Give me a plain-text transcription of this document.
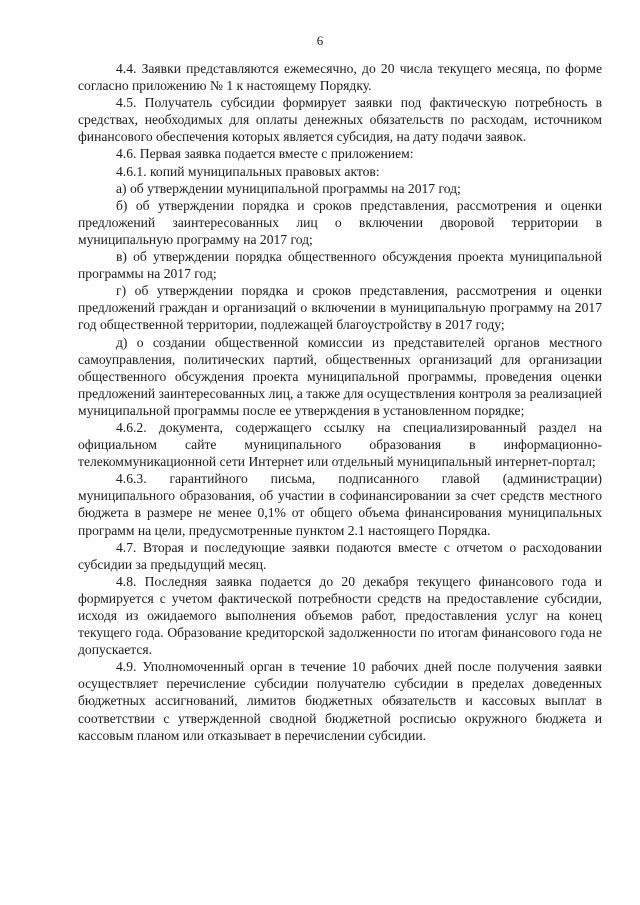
6

4.4. Заявки представляются ежемесячно, до 20 числа текущего месяца, по форме согласно приложению № 1 к настоящему Порядку.

4.5. Получатель субсидии формирует заявки под фактическую потребность в средствах, необходимых для оплаты денежных обязательств по расходам, источником финансового обеспечения которых является субсидия, на дату подачи заявок.

4.6. Первая заявка подается вместе с приложением:

4.6.1. копий муниципальных правовых актов:

а) об утверждении муниципальной программы на 2017 год;

б) об утверждении порядка и сроков представления, рассмотрения и оценки предложений заинтересованных лиц о включении дворовой территории в муниципальную программу на 2017 год;

в) об утверждении порядка общественного обсуждения проекта муниципальной программы на 2017 год;

г) об утверждении порядка и сроков представления, рассмотрения и оценки предложений граждан и организаций о включении в муниципальную программу на 2017 год общественной территории, подлежащей благоустройству в 2017 году;

д) о создании общественной комиссии из представителей органов местного самоуправления, политических партий, общественных организаций для организации общественного обсуждения проекта муниципальной программы, проведения оценки предложений заинтересованных лиц, а также для осуществления контроля за реализацией муниципальной программы после ее утверждения в установленном порядке;

4.6.2. документа, содержащего ссылку на специализированный раздел на официальном сайте муниципального образования в информационно-телекоммуникационной сети Интернет или отдельный муниципальный интернет-портал;

4.6.3. гарантийного письма, подписанного главой (администрации) муниципального образования, об участии в софинансировании за счет средств местного бюджета в размере не менее 0,1% от общего объема финансирования муниципальных программ на цели, предусмотренные пунктом 2.1 настоящего Порядка.

4.7. Вторая и последующие заявки подаются вместе с отчетом о расходовании субсидии за предыдущий месяц.

4.8. Последняя заявка подается до 20 декабря текущего финансового года и формируется с учетом фактической потребности средств на предоставление субсидии, исходя из ожидаемого выполнения объемов работ, предоставления услуг на конец текущего года. Образование кредиторской задолженности по итогам финансового года не допускается.

4.9. Уполномоченный орган в течение 10 рабочих дней после получения заявки осуществляет перечисление субсидии получателю субсидии в пределах доведенных бюджетных ассигнований, лимитов бюджетных обязательств и кассовых выплат в соответствии с утвержденной сводной бюджетной росписью окружного бюджета и кассовым планом или отказывает в перечислении субсидии.
